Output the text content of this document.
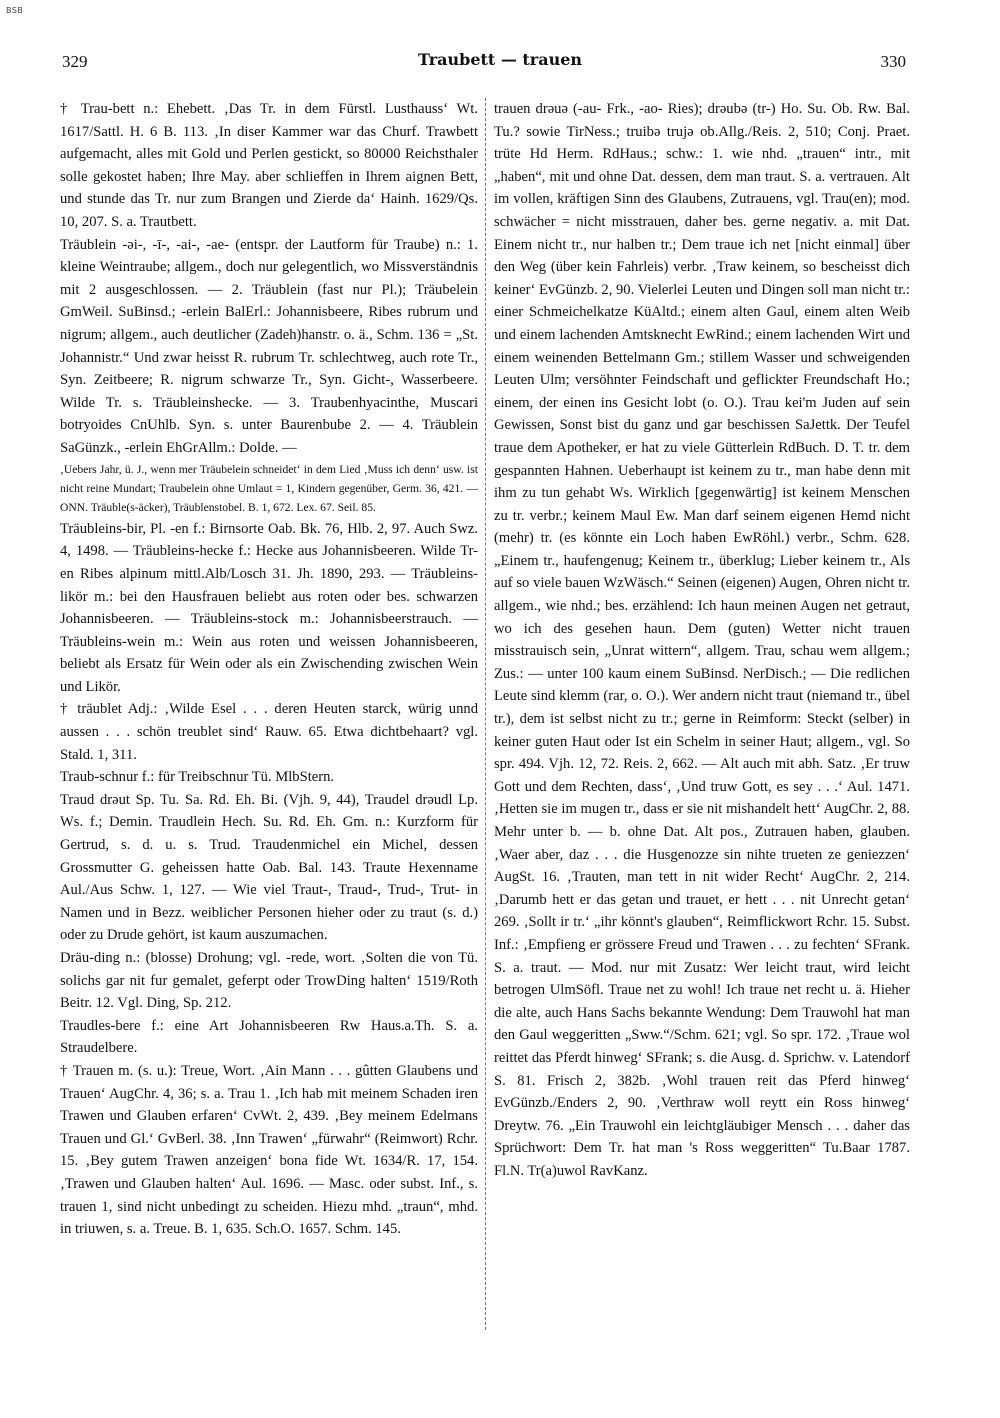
BSB
329	Traubett — trauen	330

† Trau-bett n.: Ehebett. ‚Das Tr. in dem Fürstl. Lusthauss‘ Wt. 1617/Sattl. H. 6 B. 113. ‚In diser Kammer war das Churf. Trawbett aufgemacht, alles mit Gold und Perlen gestickt, so 80000 Reichsthaler solle gekostet haben; Ihre May. aber schlieffen in Ihrem aignen Bett, und stunde das Tr. nur zum Brangen und Zierde da‘ Hainh. 1629/Qs. 10, 207. S. a. Trautbett.

Träublein -əi-, -ī-, -ai-, -ae- (entspr. der Lautform für Traube) n.: 1. kleine Weintraube; allgem., doch nur gelegentlich, wo Missverständnis mit 2 ausgeschlossen. — 2. Träublein (fast nur Pl.); Träubelein GmWeil. SuBinsd.; -erlein BalErl.: Johannisbeere, Ribes rubrum und nigrum; allgem., auch deutlicher (Zadeh)hanstr. o. ä., Schm. 136 = „St. Johannistr.“ Und zwar heisst R. rubrum Tr. schlechtweg, auch rote Tr., Syn. Zeitbeere; R. nigrum schwarze Tr., Syn. Gicht-, Wasserbeere. Wilde Tr. s. Träubleinshecke. — 3. Traubenhyacinthe, Muscari botryoides CnUhlb. Syn. s. unter Baurenbube 2. — 4. Träublein SaGünzk., -erlein EhGrAllm.: Dolde. —

‚Uebers Jahr, ü. J., wenn mer Träubelein schneidet‘ in dem Lied ‚Muss ich denn‘ usw. ist nicht reine Mundart; Traubelein ohne Umlaut = 1, Kindern gegenüber, Germ. 36, 421. — ONN. Träuble(s-äcker), Träublenstobel. B. 1, 672. Lex. 67. Seil. 85.

Träubleins-bir, Pl. -en f.: Birnsorte Oab. Bk. 76, Hlb. 2, 97. Auch Swz. 4, 1498. — Träubleins-hecke f.: Hecke aus Johannisbeeren. Wilde Tr-en Ribes alpinum mittl.Alb/Losch 31. Jh. 1890, 293. — Träubleins-likör m.: bei den Hausfrauen beliebt aus roten oder bes. schwarzen Johannisbeeren. — Träubleins-stock m.: Johannisbeerstrauch. — Träubleins-wein m.: Wein aus roten und weissen Johannisbeeren, beliebt als Ersatz für Wein oder als ein Zwischending zwischen Wein und Likör.

† träublet Adj.: ‚Wilde Esel . . . deren Heuten starck, würig unnd aussen . . . schön treublet sind‘ Rauw. 65. Etwa dichtbehaart? vgl. Stald. 1, 311.

Traub-schnur f.: für Treibschnur Tü. MlbStern.

Traud drəut Sp. Tu. Sa. Rd. Eh. Bi. (Vjh. 9, 44), Traudel drəudl Lp. Ws. f.; Demin. Traudlein Hech. Su. Rd. Eh. Gm. n.: Kurzform für Gertrud, s. d. u. s. Trud. Traudenmichel ein Michel, dessen Grossmutter G. geheissen hatte Oab. Bal. 143. Traute Hexenname Aul./Aus Schw. 1, 127. — Wie viel Traut-, Traud-, Trud-, Trut- in Namen und in Bezz. weiblicher Personen hieher oder zu traut (s. d.) oder zu Drude gehört, ist kaum auszumachen.

Dräu-ding n.: (blosse) Drohung; vgl. -rede, wort. ‚Solten die von Tü. solichs gar nit fur gemalet, geferpt oder TrowDing halten‘ 1519/Roth Beitr. 12. Vgl. Ding, Sp. 212.

Traudles-bere f.: eine Art Johannisbeeren Rw Haus.a.Th. S. a. Straudelbere.

† Trauen m. (s. u.): Treue, Wort. ‚Ain Mann . . . gûtten Glaubens und Trauen‘ AugChr. 4, 36; s. a. Trau 1. ‚Ich hab mit meinem Schaden iren Trawen und Glauben erfaren‘ CvWt. 2, 439. ‚Bey meinem Edelmans Trauen und Gl.‘ GvBerl. 38. ‚Inn Trawen‘ „fürwahr“ (Reimwort) Rchr. 15. ‚Bey gutem Trawen anzeigen‘ bona fide Wt. 1634/R. 17, 154. ‚Trawen und Glauben halten‘ Aul. 1696. — Masc. oder subst. Inf., s. trauen 1, sind nicht unbedingt zu scheiden. Hiezu mhd. „traun“, mhd. in triuwen, s. a. Treue. B. 1, 635. Sch.O. 1657. Schm. 145.

trauen drəuə (-au- Frk., -ao- Ries); drəubə (tr-) Ho. Su. Ob. Rw. Bal. Tu.? sowie TirNess.; truibə trujə ob.Allg./Reis. 2, 510; Conj. Praet. trüte Hd Herm. RdHaus.; schw.: 1. wie nhd. „trauen“ intr., mit „haben“, mit und ohne Dat. dessen, dem man traut. S. a. vertrauen. Alt im vollen, kräftigen Sinn des Glaubens, Zutrauens, vgl. Trau(en); mod. schwächer = nicht misstrauen, daher bes. gerne negativ. a. mit Dat. Einem nicht tr., nur halben tr.; Dem traue ich net [nicht einmal] über den Weg (über kein Fahrleis) verbr. ‚Traw keinem, so bescheisst dich keiner‘ EvGünzb. 2, 90. Vielerlei Leuten und Dingen soll man nicht tr.: einer Schmeichelkatze KüAltd.; einem alten Gaul, einem alten Weib und einem lachenden Amtsknecht EwRind.; einem lachenden Wirt und einem weinenden Bettelmann Gm.; stillem Wasser und schweigenden Leuten Ulm; versöhnter Feindschaft und geflickter Freundschaft Ho.; einem, der einen ins Gesicht lobt (o. O.). Trau kei'm Juden auf sein Gewissen, Sonst bist du ganz und gar beschissen SaJettk. Der Teufel traue dem Apotheker, er hat zu viele Gütterlein RdBuch. D. T. tr. dem gespannten Hahnen. Ueberhaupt ist keinem zu tr., man habe denn mit ihm zu tun gehabt Ws. Wirklich [gegenwärtig] ist keinem Menschen zu tr. verbr.; keinem Maul Ew. Man darf seinem eigenen Hemd nicht (mehr) tr. (es könnte ein Loch haben EwRöhl.) verbr., Schm. 628. „Einem tr., haufengenug; Keinem tr., überklug; Lieber keinem tr., Als auf so viele bauen WzWäsch.“ Seinen (eigenen) Augen, Ohren nicht tr. allgem., wie nhd.; bes. erzählend: Ich haun meinen Augen net getraut, wo ich des gesehen haun. Dem (guten) Wetter nicht trauen misstrauisch sein, „Unrat wittern“, allgem. Trau, schau wem allgem.; Zus.: — unter 100 kaum einem SuBinsd. NerDisch.; — Die redlichen Leute sind klemm (rar, o. O.). Wer andern nicht traut (niemand tr., übel tr.), dem ist selbst nicht zu tr.; gerne in Reimform: Steckt (selber) in keiner guten Haut oder Ist ein Schelm in seiner Haut; allgem., vgl. So spr. 494. Vjh. 12, 72. Reis. 2, 662. — Alt auch mit abh. Satz. ‚Er truw Gott und dem Rechten, dass‘, ‚Und truw Gott, es sey . . .‘ Aul. 1471. ‚Hetten sie im mugen tr., dass er sie nit mishandelt hett‘ AugChr. 2, 88. Mehr unter b. — b. ohne Dat. Alt pos., Zutrauen haben, glauben. ‚Waer aber, daz . . . die Husgenozze sin nihte trueten ze geniezzen‘ AugSt. 16. ‚Trauten, man tett in nit wider Recht‘ AugChr. 2, 214. ‚Darumb hett er das getan und trauet, er hett . . . nit Unrecht getan‘ 269. ‚Sollt ir tr.‘ „ihr könnt's glauben“, Reimflickwort Rchr. 15. Subst. Inf.: ‚Empfieng er grössere Freud und Trawen . . . zu fechten‘ SFrank. S. a. traut. — Mod. nur mit Zusatz: Wer leicht traut, wird leicht betrogen UlmSöfl. Traue net zu wohl! Ich traue net recht u. ä. Hieher die alte, auch Hans Sachs bekannte Wendung: Dem Trauwohl hat man den Gaul weggeritten „Sww.“/Schm. 621; vgl. So spr. 172. ‚Traue wol reittet das Pferdt hinweg‘ SFrank; s. die Ausg. d. Sprichw. v. Latendorf S. 81. Frisch 2, 382b. ‚Wohl trauen reit das Pferd hinweg‘ EvGünzb./Enders 2, 90. ‚Verthraw woll reytt ein Ross hinweg‘ Dreytw. 76. „Ein Trauwohl ein leichtgläubiger Mensch . . . daher das Sprüchwort: Dem Tr. hat man 's Ross weggeritten“ Tu.Baar 1787. Fl.N. Tr(a)uwol RavKanz.
